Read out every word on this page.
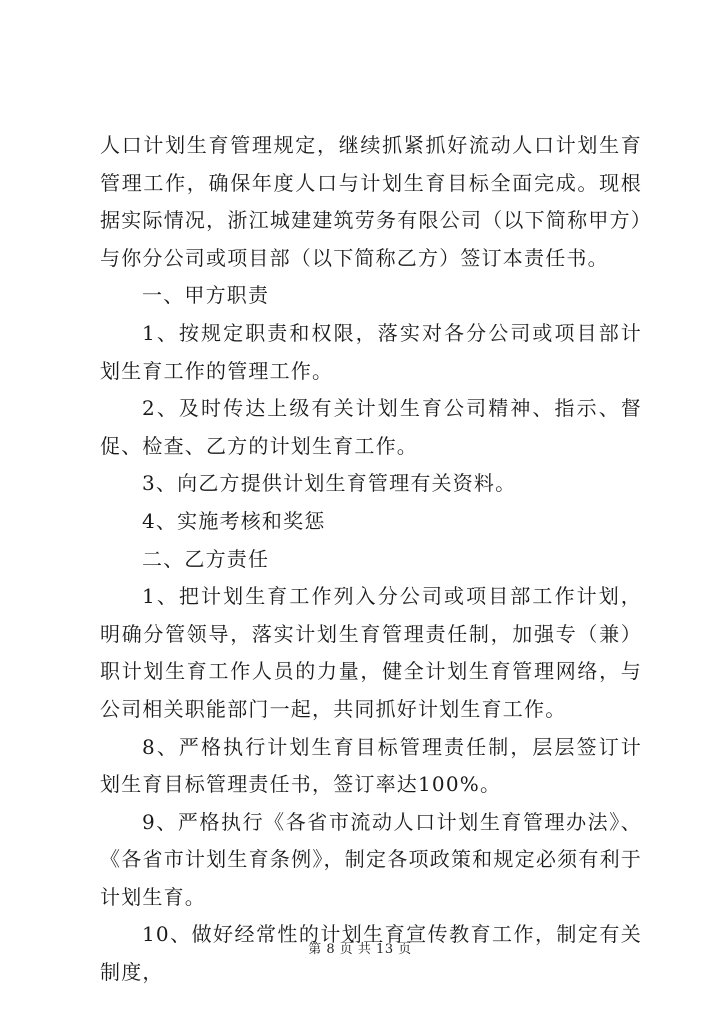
人口计划生育管理规定，继续抓紧抓好流动人口计划生育管理工作，确保年度人口与计划生育目标全面完成。现根据实际情况，浙江城建建筑劳务有限公司（以下简称甲方）与你分公司或项目部（以下简称乙方）签订本责任书。

一、甲方职责

1、按规定职责和权限，落实对各分公司或项目部计划生育工作的管理工作。

2、及时传达上级有关计划生育公司精神、指示、督促、检查、乙方的计划生育工作。

3、向乙方提供计划生育管理有关资料。

4、实施考核和奖惩

二、乙方责任

1、把计划生育工作列入分公司或项目部工作计划，明确分管领导，落实计划生育管理责任制，加强专（兼）职计划生育工作人员的力量，健全计划生育管理网络，与公司相关职能部门一起，共同抓好计划生育工作。

8、严格执行计划生育目标管理责任制，层层签订计划生育目标管理责任书，签订率达100%。

9、严格执行《各省市流动人口计划生育管理办法》、《各省市计划生育条例》，制定各项政策和规定必须有利于计划生育。

10、做好经常性的计划生育宣传教育工作，制定有关制度，

第 8 页 共 13 页
